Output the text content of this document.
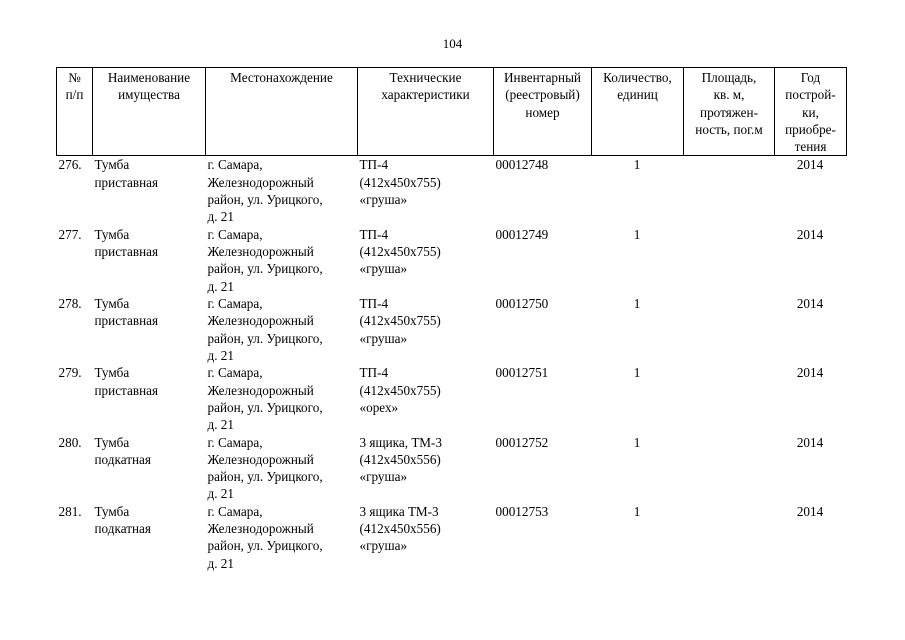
104
№
п/п	Наименование
имущества	Местонахождение	Технические
характеристики	Инвентарный
(реестровый)
номер	Количество,
единиц	Площадь,
кв. м,
протяжен-
ность, пог.м	Год
построй-
ки,
приобре-
тения

276.	Тумба
приставная	г. Самара,
Железнодорожный
район, ул. Урицкого,
д. 21	ТП-4
(412х450х755)
«груша»	00012748	1		2014
277.	Тумба
приставная	г. Самара,
Железнодорожный
район, ул. Урицкого,
д. 21	ТП-4
(412х450х755)
«груша»	00012749	1		2014
278.	Тумба
приставная	г. Самара,
Железнодорожный
район, ул. Урицкого,
д. 21	ТП-4
(412х450х755)
«груша»	00012750	1		2014
279.	Тумба
приставная	г. Самара,
Железнодорожный
район, ул. Урицкого,
д. 21	ТП-4
(412х450х755)
«орех»	00012751	1		2014
280.	Тумба
подкатная	г. Самара,
Железнодорожный
район, ул. Урицкого,
д. 21	3 ящика, ТМ-3
(412х450х556)
«груша»	00012752	1		2014
281.	Тумба
подкатная	г. Самара,
Железнодорожный
район, ул. Урицкого,
д. 21	3 ящика ТМ-3
(412х450х556)
«груша»	00012753	1		2014
